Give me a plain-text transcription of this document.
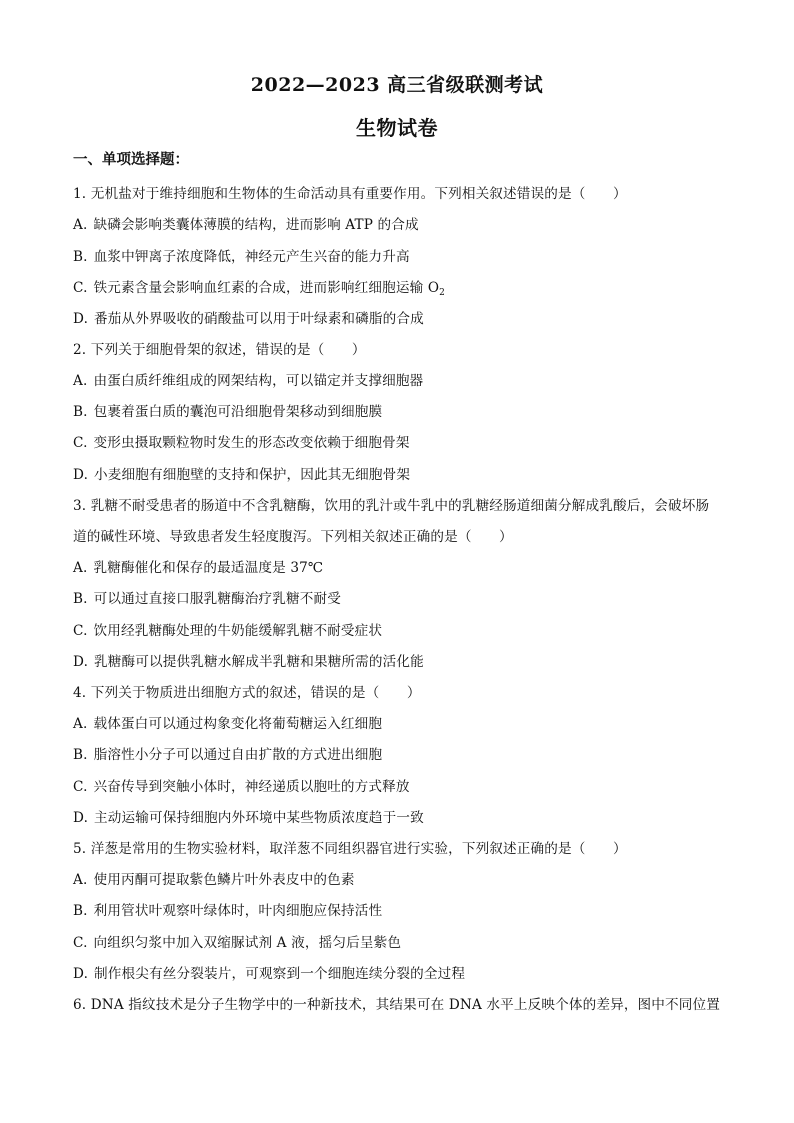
2022—2023 高三省级联测考试
生物试卷
一、单项选择题：
1. 无机盐对于维持细胞和生物体的生命活动具有重要作用。下列相关叙述错误的是（　　）
A. 缺磷会影响类囊体薄膜的结构，进而影响 ATP 的合成
B. 血浆中钾离子浓度降低，神经元产生兴奋的能力升高
C. 铁元素含量会影响血红素的合成，进而影响红细胞运输 $O_2$
D. 番茄从外界吸收的硝酸盐可以用于叶绿素和磷脂的合成
2. 下列关于细胞骨架的叙述，错误的是（　　）
A. 由蛋白质纤维组成的网架结构，可以锚定并支撑细胞器
B. 包裹着蛋白质的囊泡可沿细胞骨架移动到细胞膜
C. 变形虫摄取颗粒物时发生的形态改变依赖于细胞骨架
D. 小麦细胞有细胞壁的支持和保护，因此其无细胞骨架
3. 乳糖不耐受患者的肠道中不含乳糖酶，饮用的乳汁或牛乳中的乳糖经肠道细菌分解成乳酸后，会破坏肠
道的碱性环境、导致患者发生轻度腹泻。下列相关叙述正确的是（　　）
A. 乳糖酶催化和保存的最适温度是 37℃
B. 可以通过直接口服乳糖酶治疗乳糖不耐受
C. 饮用经乳糖酶处理的牛奶能缓解乳糖不耐受症状
D. 乳糖酶可以提供乳糖水解成半乳糖和果糖所需的活化能
4. 下列关于物质进出细胞方式的叙述，错误的是（　　）
A. 载体蛋白可以通过构象变化将葡萄糖运入红细胞
B. 脂溶性小分子可以通过自由扩散的方式进出细胞
C. 兴奋传导到突触小体时，神经递质以胞吐的方式释放
D. 主动运输可保持细胞内外环境中某些物质浓度趋于一致
5. 洋葱是常用的生物实验材料，取洋葱不同组织器官进行实验，下列叙述正确的是（　　）
A. 使用丙酮可提取紫色鳞片叶外表皮中的色素
B. 利用管状叶观察叶绿体时，叶肉细胞应保持活性
C. 向组织匀浆中加入双缩脲试剂 A 液，摇匀后呈紫色
D. 制作根尖有丝分裂装片，可观察到一个细胞连续分裂的全过程
6. DNA 指纹技术是分子生物学中的一种新技术，其结果可在 DNA 水平上反映个体的差异，图中不同位置
